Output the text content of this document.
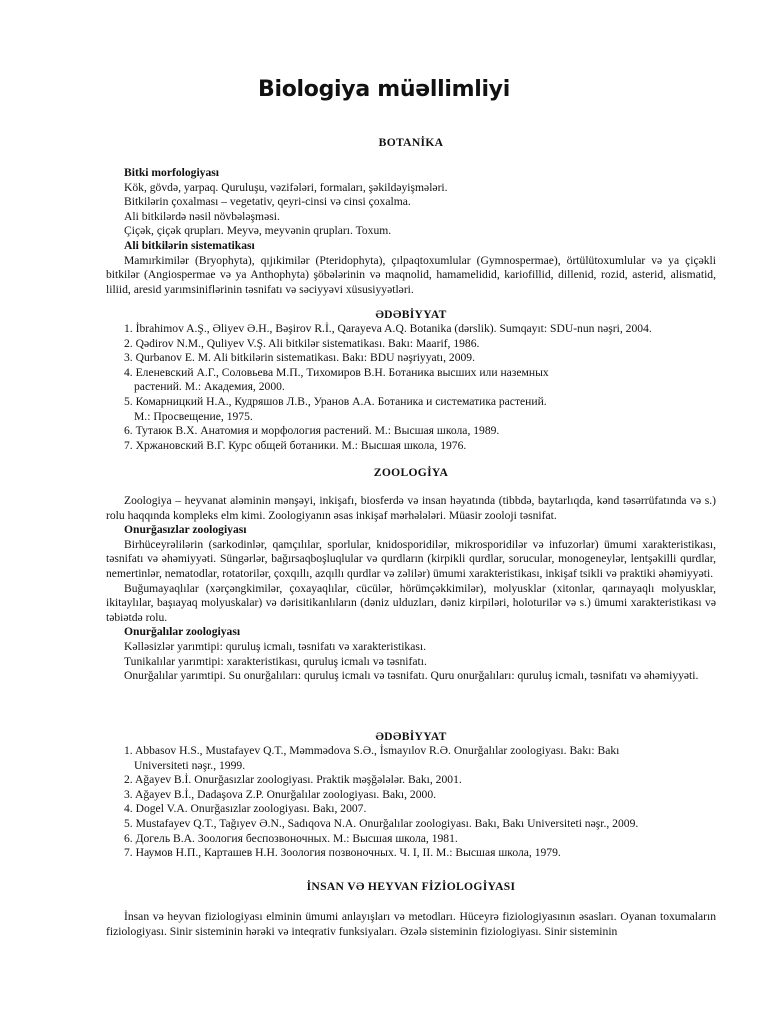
Biologiya müəllimliyi
BOTANİKA
Bitki morfologiyası
Kök, gövdə, yarpaq. Quruluşu, vəzifələri, formaları, şəkildəyişmələri.
Bitkilərin çoxalması – vegetativ, qeyri-cinsi və cinsi çoxalma.
Ali bitkilərdə nəsil növbələşməsi.
Çiçək, çiçək qrupları. Meyvə, meyvənin qrupları. Toxum.
Ali bitkilərin sistematikası
Mamırkimilər (Bryophyta), qıjıkimilər (Pteridophyta), çılpaqtoxumlular (Gymnospermae), örtülütoxumlular və ya çiçəkli bitkilər (Angiospermae və ya Anthophyta) şöbələrinin və maqnolid, hamamelidid, kariofillid, dillenid, rozid, asterid, alismatid, liliid, aresid yarımsiniflərinin təsnifatı və səciyyəvi xüsusiyyətləri.
ƏDƏBİYYAT
1. İbrahimov A.Ş., Əliyev Ə.H., Bəşirov R.İ., Qarayeva A.Q. Botanika (dərslik). Sumqayıt: SDU-nun nəşri, 2004.
2. Qədirov N.M., Quliyev V.Ş. Ali bitkilər sistematikası. Bakı: Maarif, 1986.
3. Qurbanov E. M. Ali bitkilərin sistematikası. Bakı: BDU nəşriyyatı, 2009.
4. Еленевский А.Г., Соловьева М.П., Тихомиров В.Н. Ботаника высших или наземных
растений. М.: Академия, 2000.
5. Комарницкий Н.А., Кудряшов Л.В., Уранов А.А. Ботаника и систематика растений.
М.: Просвещение, 1975.
6. Тутаюк В.Х. Анатомия и морфология растений. М.: Высшая школа, 1989.
7. Хржановский В.Г. Курс общей ботаники. М.: Высшая школа, 1976.
ZOOLOGİYA
Zoologiya – heyvanat aləminin mənşəyi, inkişafı, biosferdə və insan həyatında (tibbdə, baytarlıqda, kənd təsərrüfatında və s.) rolu haqqında kompleks elm kimi. Zoologiyanın əsas inkişaf mərhələləri. Müasir zooloji təsnifat.
Onurğasızlar zoologiyası
Birhüceyrəlilərin (sarkodinlər, qamçılılar, sporlular, knidosporidilər, mikrosporidilər və infuzorlar) ümumi xarakteristikası, təsnifatı və əhəmiyyəti. Süngərlər, bağırsaqboşluqlular və qurdların (kirpikli qurdlar, sorucular, monogeneylər, lentşəkilli qurdlar, nemertinlər, nematodlar, rotatorilər, çoxqıllı, azqıllı qurdlar və zəlilər) ümumi xarakteristikası, inkişaf tsikli və praktiki əhəmiyyəti.
Buğumayaqlılar (xərçəngkimilər, çoxayaqlılar, cücülər, hörümçəkkimilər), molyusklar (xitonlar, qarınayaqlı molyusklar, ikitaylılar, başıayaq molyuskalar) və dərisitikanlıların (dəniz ulduzları, dəniz kirpiləri, holoturilər və s.) ümumi xarakteristikası və təbiətdə rolu.
Onurğalılar zoologiyası
Kəlləsizlər yarımtipi: quruluş icmalı, təsnifatı və xarakteristikası.
Tunikalılar yarımtipi: xarakteristikası, quruluş icmalı və təsnifatı.
Onurğalılar yarımtipi. Su onurğalıları: quruluş icmalı və təsnifatı. Quru onurğalıları: quruluş icmalı, təsnifatı və əhəmiyyəti.
ƏDƏBİYYAT
1. Abbasov H.S., Mustafayev Q.T., Məmmədova S.Ə., İsmayılov R.Ə. Onurğalılar zoologiyası. Bakı: Bakı
Universiteti nəşr., 1999.
2. Ağayev B.İ. Onurğasızlar zoologiyası. Praktik məşğələlər. Bakı, 2001.
3. Ağayev B.İ., Dadaşova Z.P. Onurğalılar zoologiyası. Bakı, 2000.
4. Dogel V.A. Onurğasızlar zoologiyası. Bakı, 2007.
5. Mustafayev Q.T., Tağıyev Ə.N., Sadıqova N.A. Onurğalılar zoologiyası. Bakı, Bakı Universiteti nəşr., 2009.
6. Догель В.А. Зоология беспозвоночных. М.: Высшая школа, 1981.
7. Наумов Н.П., Карташев Н.Н. Зоология позвоночных. Ч. I, II. М.: Высшая школа, 1979.
İNSAN VƏ HEYVAN FİZİOLOGİYASI
İnsan və heyvan fiziologiyası elminin ümumi anlayışları və metodları. Hüceyrə fiziologiyasının əsasları. Oyanan toxumaların fiziologiyası. Sinir sisteminin hərəki və inteqrativ funksiyaları. Əzələ sisteminin fiziologiyası. Sinir sisteminin
